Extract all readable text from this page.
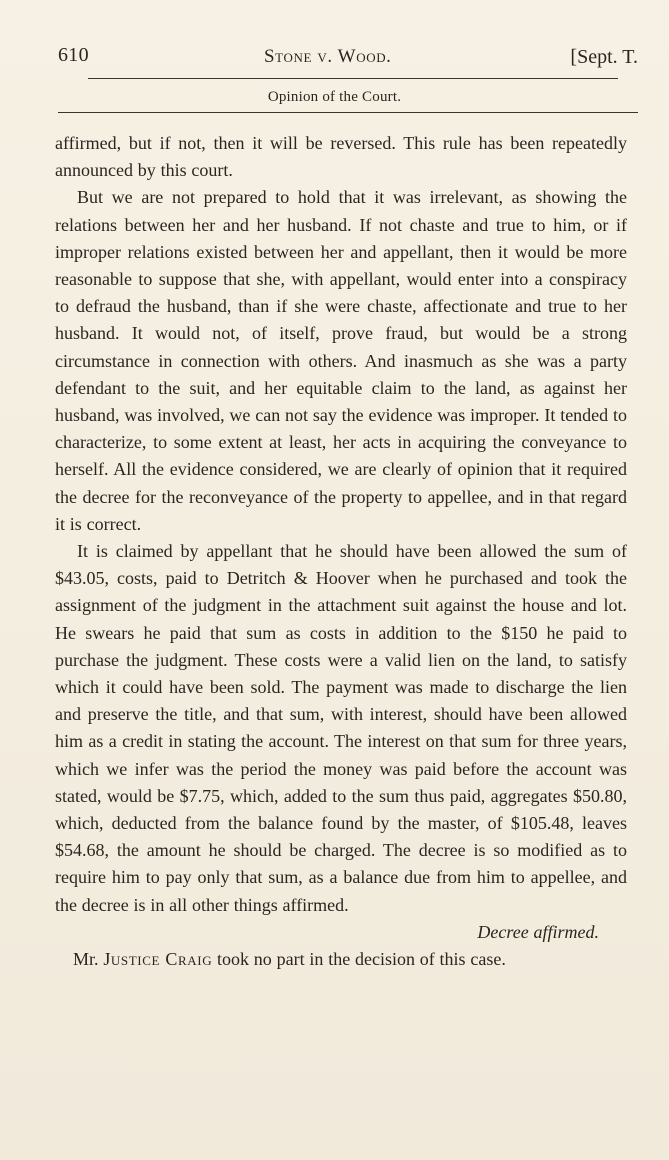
610	Stone v. Wood.	[Sept. T.
Opinion of the Court.

affirmed, but if not, then it will be reversed. This rule has been repeatedly announced by this court.

But we are not prepared to hold that it was irrelevant, as showing the relations between her and her husband. If not chaste and true to him, or if improper relations existed between her and appellant, then it would be more reasonable to suppose that she, with appellant, would enter into a conspiracy to defraud the husband, than if she were chaste, affectionate and true to her husband. It would not, of itself, prove fraud, but would be a strong circumstance in connection with others. And inasmuch as she was a party defendant to the suit, and her equitable claim to the land, as against her husband, was involved, we can not say the evidence was improper. It tended to characterize, to some extent at least, her acts in acquiring the conveyance to herself. All the evidence considered, we are clearly of opinion that it required the decree for the reconveyance of the property to appellee, and in that regard it is correct.

It is claimed by appellant that he should have been allowed the sum of $43.05, costs, paid to Detritch & Hoover when he purchased and took the assignment of the judgment in the attachment suit against the house and lot. He swears he paid that sum as costs in addition to the $150 he paid to purchase the judgment. These costs were a valid lien on the land, to satisfy which it could have been sold. The payment was made to discharge the lien and preserve the title, and that sum, with interest, should have been allowed him as a credit in stating the account. The interest on that sum for three years, which we infer was the period the money was paid before the account was stated, would be $7.75, which, added to the sum thus paid, aggregates $50.80, which, deducted from the balance found by the master, of $105.48, leaves $54.68, the amount he should be charged. The decree is so modified as to require him to pay only that sum, as a balance due from him to appellee, and the decree is in all other things affirmed.

Decree affirmed.

Mr. Justice Craig took no part in the decision of this case.
